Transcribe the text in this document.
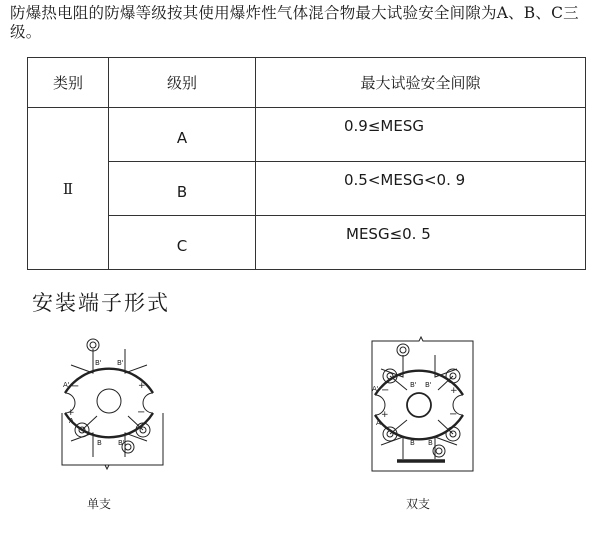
防爆热电阻的防爆等级按其使用爆炸性气体混合物最大试验安全间隙为A、B、C三级。
类别	级别	最大试验安全间隙
Ⅱ	A	0.9≤MESG
	B	0.5<MESG<0. 9
	C	MESG≤0. 5
安装端子形式
B' B'
A' −	+
+
A
B B'
−
单支
B' B'
A' −	+
+
A
B B
−
双支
